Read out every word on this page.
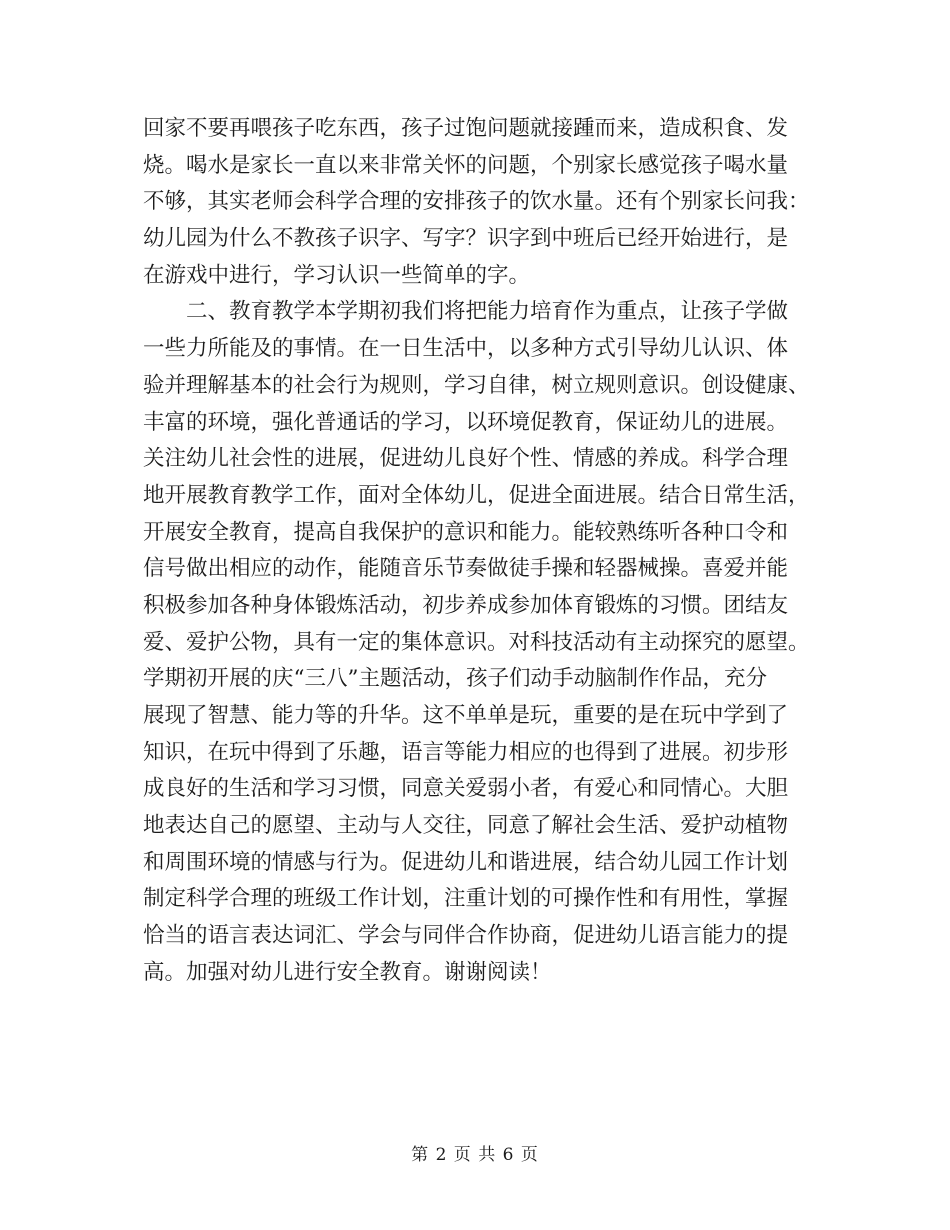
回家不要再喂孩子吃东西，孩子过饱问题就接踵而来，造成积食、发
烧。喝水是家长一直以来非常关怀的问题，个别家长感觉孩子喝水量
不够，其实老师会科学合理的安排孩子的饮水量。还有个别家长问我：
幼儿园为什么不教孩子识字、写字？识字到中班后已经开始进行，是
在游戏中进行，学习认识一些简单的字。
　　二、教育教学本学期初我们将把能力培育作为重点，让孩子学做
一些力所能及的事情。在一日生活中，以多种方式引导幼儿认识、体
验并理解基本的社会行为规则，学习自律，树立规则意识。创设健康、
丰富的环境，强化普通话的学习，以环境促教育，保证幼儿的进展。
关注幼儿社会性的进展，促进幼儿良好个性、情感的养成。科学合理
地开展教育教学工作，面对全体幼儿，促进全面进展。结合日常生活，
开展安全教育，提高自我保护的意识和能力。能较熟练听各种口令和
信号做出相应的动作，能随音乐节奏做徒手操和轻器械操。喜爱并能
积极参加各种身体锻炼活动，初步养成参加体育锻炼的习惯。团结友
爱、爱护公物，具有一定的集体意识。对科技活动有主动探究的愿望。
学期初开展的庆“三八”主题活动，孩子们动手动脑制作作品，充分
展现了智慧、能力等的升华。这不单单是玩，重要的是在玩中学到了
知识，在玩中得到了乐趣，语言等能力相应的也得到了进展。初步形
成良好的生活和学习习惯，同意关爱弱小者，有爱心和同情心。大胆
地表达自己的愿望、主动与人交往，同意了解社会生活、爱护动植物
和周围环境的情感与行为。促进幼儿和谐进展，结合幼儿园工作计划
制定科学合理的班级工作计划，注重计划的可操作性和有用性，掌握
恰当的语言表达词汇、学会与同伴合作协商，促进幼儿语言能力的提
高。加强对幼儿进行安全教育。谢谢阅读！
第 2 页 共 6 页
